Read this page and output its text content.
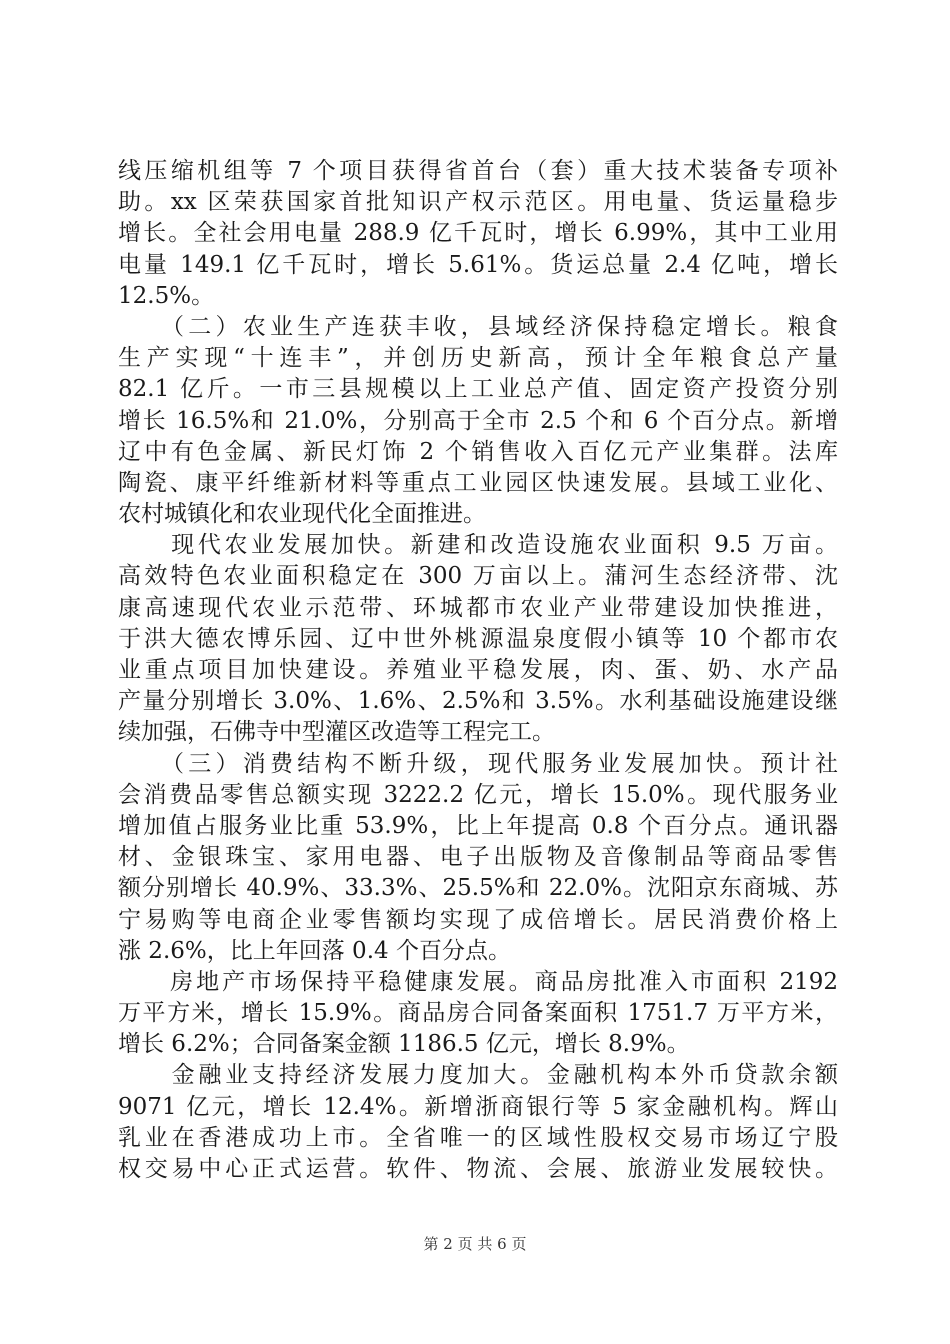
线压缩机组等 7 个项目获得省首台（套）重大技术装备专项补
助。xx 区荣获国家首批知识产权示范区。用电量、货运量稳步
增长。全社会用电量 288.9 亿千瓦时，增长 6.99%，其中工业用
电量 149.1 亿千瓦时，增长 5.61%。货运总量 2.4 亿吨，增长
12.5%。
　　（二）农业生产连获丰收，县域经济保持稳定增长。粮食
生产实现“十连丰”，并创历史新高，预计全年粮食总产量
82.1 亿斤。一市三县规模以上工业总产值、固定资产投资分别
增长 16.5%和 21.0%，分别高于全市 2.5 个和 6 个百分点。新增
辽中有色金属、新民灯饰 2 个销售收入百亿元产业集群。法库
陶瓷、康平纤维新材料等重点工业园区快速发展。县域工业化、
农村城镇化和农业现代化全面推进。
　　现代农业发展加快。新建和改造设施农业面积 9.5 万亩。
高效特色农业面积稳定在 300 万亩以上。蒲河生态经济带、沈
康高速现代农业示范带、环城都市农业产业带建设加快推进，
于洪大德农博乐园、辽中世外桃源温泉度假小镇等 10 个都市农
业重点项目加快建设。养殖业平稳发展，肉、蛋、奶、水产品
产量分别增长 3.0%、1.6%、2.5%和 3.5%。水利基础设施建设继
续加强，石佛寺中型灌区改造等工程完工。
　　（三）消费结构不断升级，现代服务业发展加快。预计社
会消费品零售总额实现 3222.2 亿元，增长 15.0%。现代服务业
增加值占服务业比重 53.9%，比上年提高 0.8 个百分点。通讯器
材、金银珠宝、家用电器、电子出版物及音像制品等商品零售
额分别增长 40.9%、33.3%、25.5%和 22.0%。沈阳京东商城、苏
宁易购等电商企业零售额均实现了成倍增长。居民消费价格上
涨 2.6%，比上年回落 0.4 个百分点。
　　房地产市场保持平稳健康发展。商品房批准入市面积 2192
万平方米，增长 15.9%。商品房合同备案面积 1751.7 万平方米，
增长 6.2%；合同备案金额 1186.5 亿元，增长 8.9%。
　　金融业支持经济发展力度加大。金融机构本外币贷款余额
9071 亿元，增长 12.4%。新增浙商银行等 5 家金融机构。辉山
乳业在香港成功上市。全省唯一的区域性股权交易市场辽宁股
权交易中心正式运营。软件、物流、会展、旅游业发展较快。
第 2 页 共 6 页
